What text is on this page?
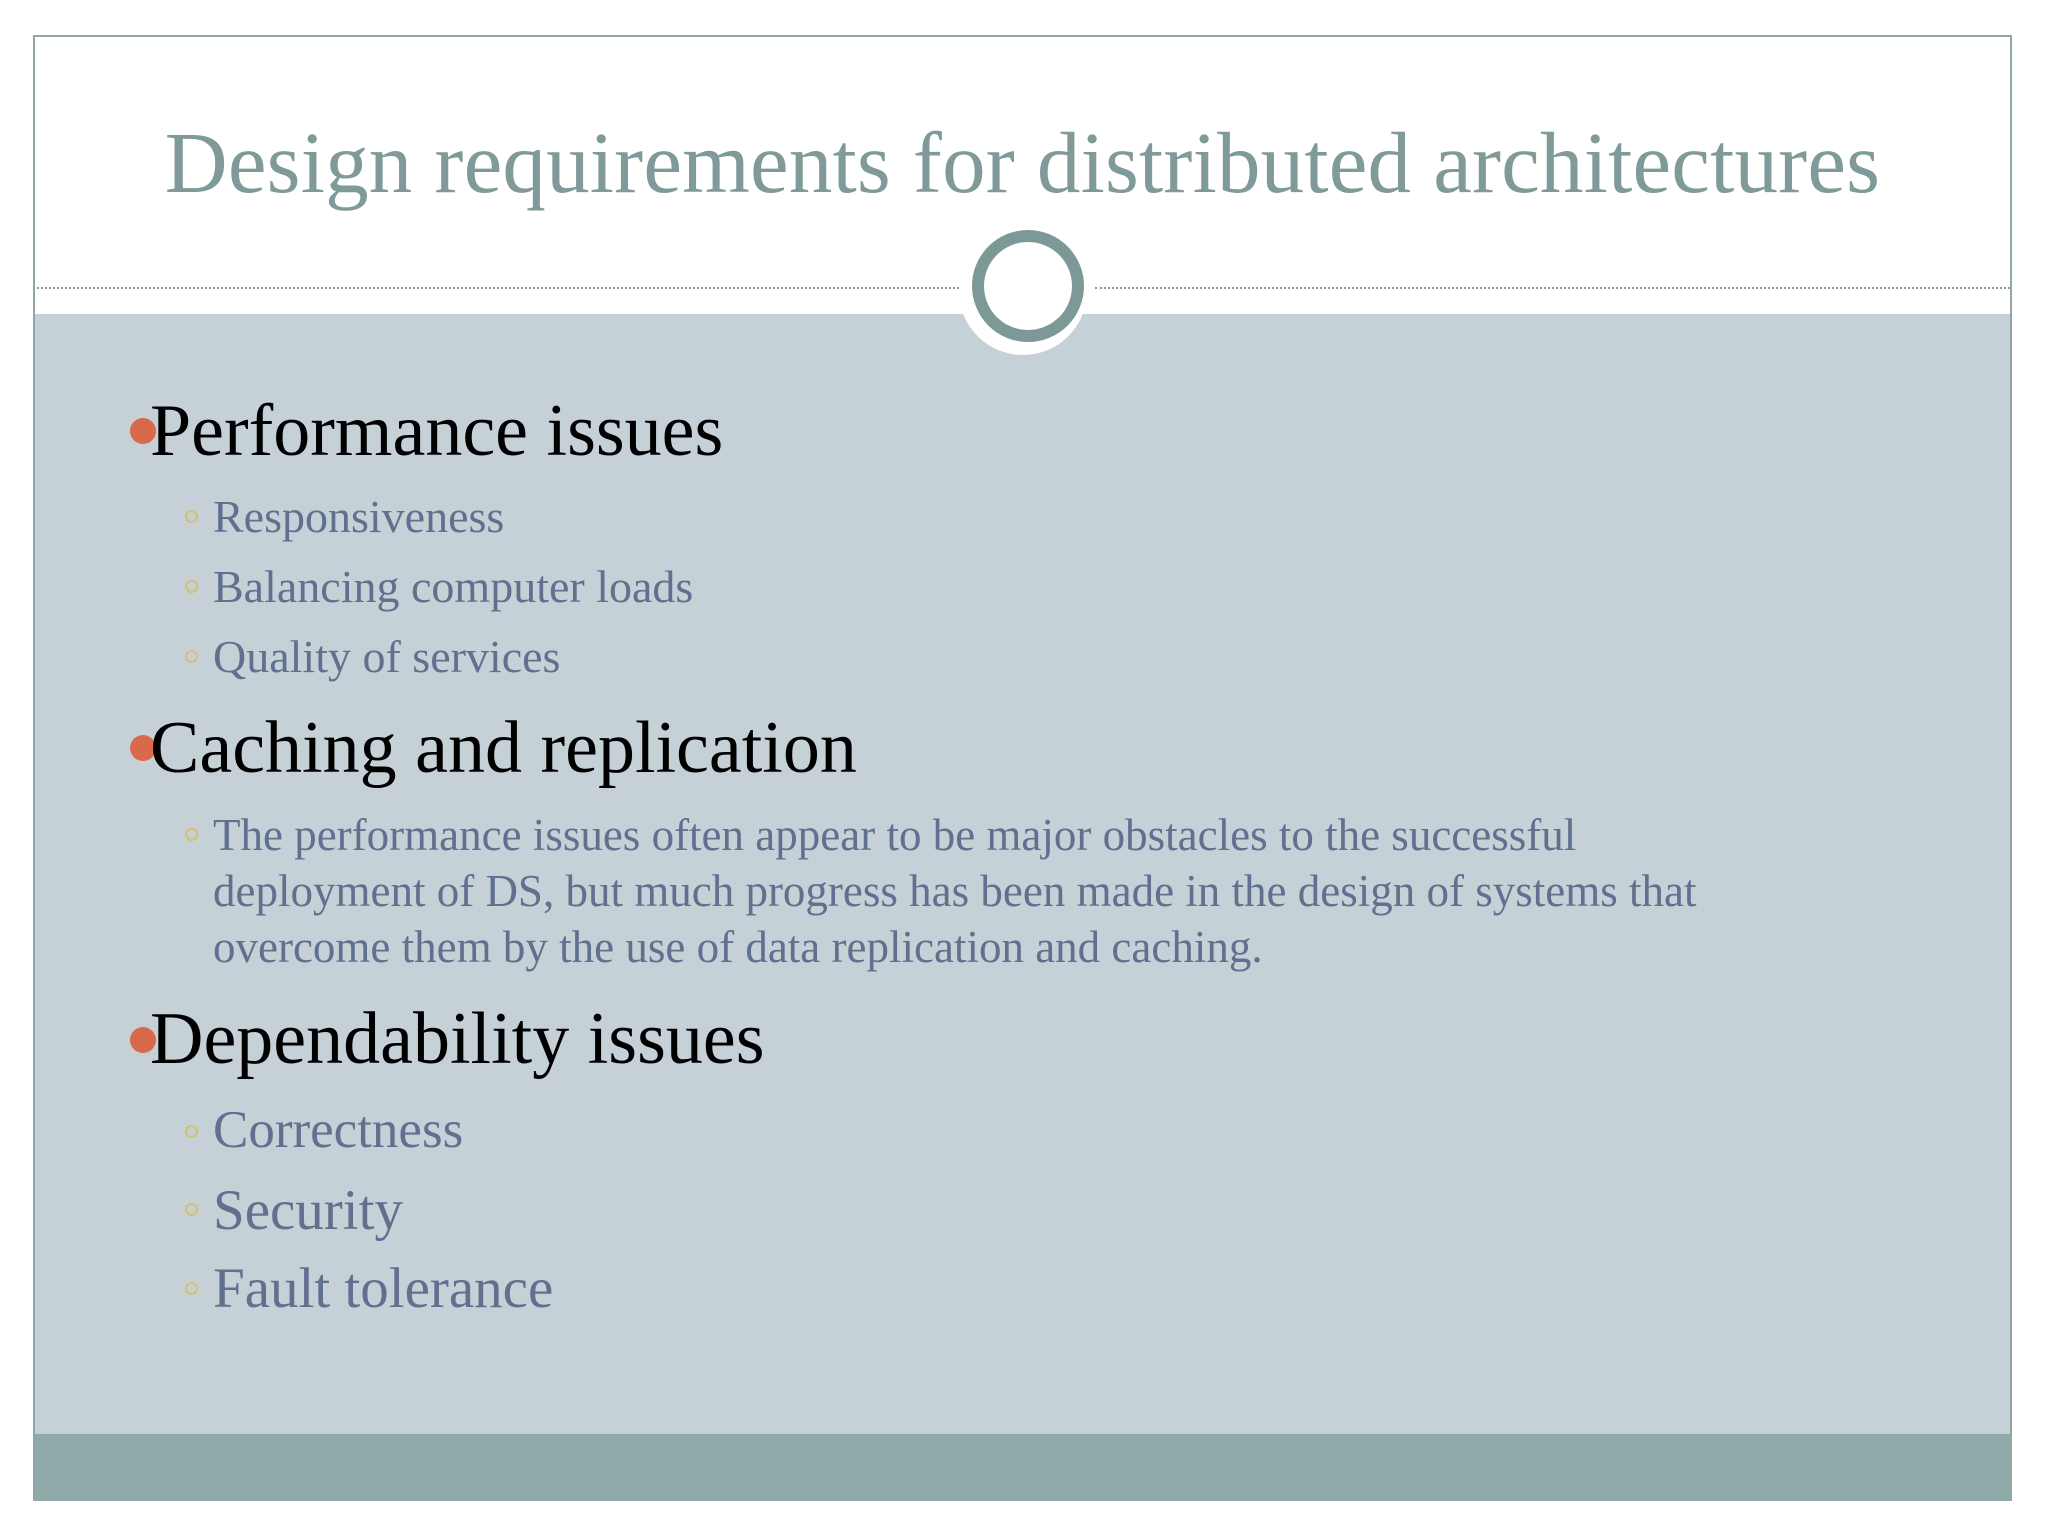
Design requirements for distributed architectures
Performance issues
Responsiveness
Balancing computer loads
Quality of services
Caching and replication
The performance issues often appear to be major obstacles to the successful
deployment of DS, but much progress has been made in the design of systems that
overcome them by the use of data replication and caching.
Dependability issues
Correctness
Security
Fault tolerance
